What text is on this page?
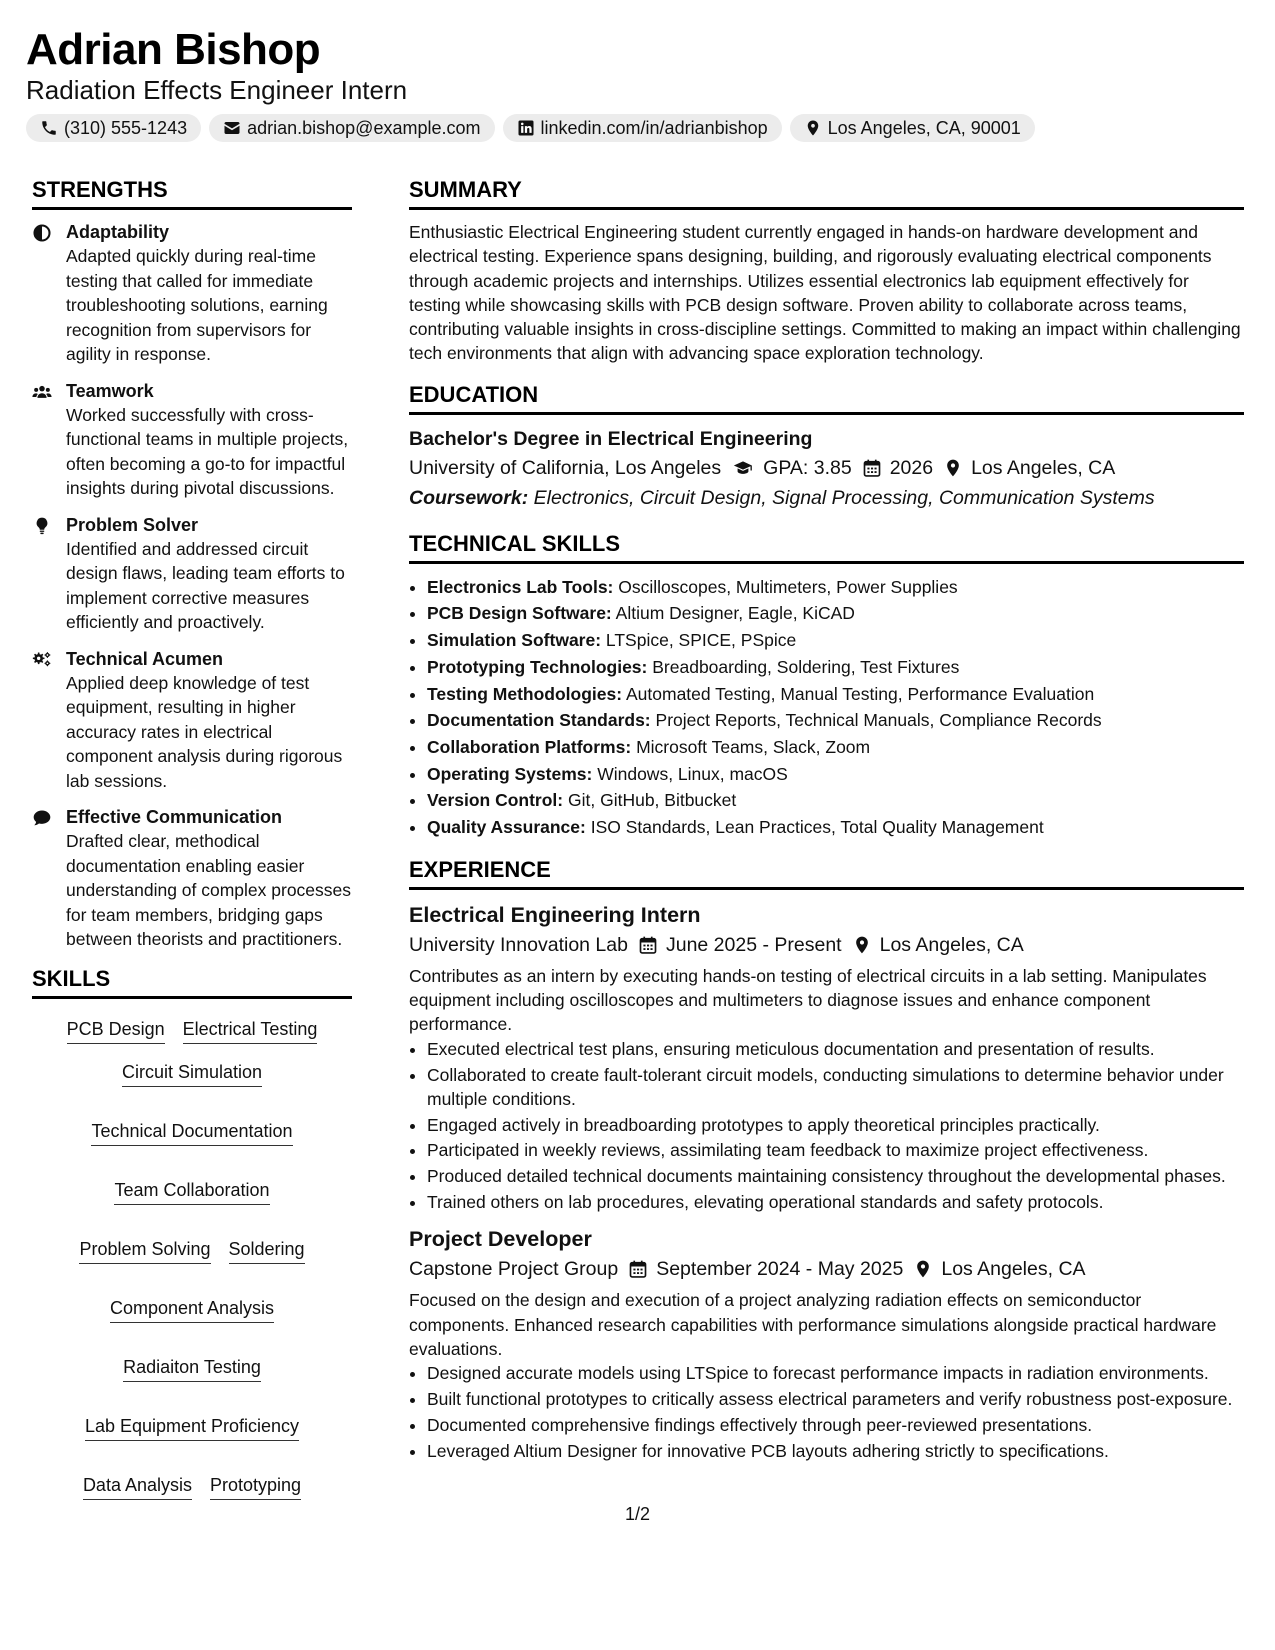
Adrian Bishop
Radiation Effects Engineer Intern
(310) 555-1243	adrian.bishop@example.com	linkedin.com/in/adrianbishop	Los Angeles, CA, 90001
STRENGTHS
Adaptability
Adapted quickly during real-time testing that called for immediate troubleshooting solutions, earning recognition from supervisors for agility in response.
Teamwork
Worked successfully with cross-functional teams in multiple projects, often becoming a go-to for impactful insights during pivotal discussions.
Problem Solver
Identified and addressed circuit design flaws, leading team efforts to implement corrective measures efficiently and proactively.
Technical Acumen
Applied deep knowledge of test equipment, resulting in higher accuracy rates in electrical component analysis during rigorous lab sessions.
Effective Communication
Drafted clear, methodical documentation enabling easier understanding of complex processes for team members, bridging gaps between theorists and practitioners.
SKILLS
PCB Design Electrical Testing
Circuit Simulation
Technical Documentation
Team Collaboration
Problem Solving Soldering
Component Analysis
Radiaiton Testing
Lab Equipment Proficiency
Data Analysis Prototyping
SUMMARY
Enthusiastic Electrical Engineering student currently engaged in hands-on hardware development and electrical testing. Experience spans designing, building, and rigorously evaluating electrical components through academic projects and internships. Utilizes essential electronics lab equipment effectively for testing while showcasing skills with PCB design software. Proven ability to collaborate across teams, contributing valuable insights in cross-discipline settings. Committed to making an impact within challenging tech environments that align with advancing space exploration technology.
EDUCATION
Bachelor's Degree in Electrical Engineering
University of California, Los Angeles GPA: 3.85 2026 Los Angeles, CA
Coursework: Electronics, Circuit Design, Signal Processing, Communication Systems
TECHNICAL SKILLS
• Electronics Lab Tools: Oscilloscopes, Multimeters, Power Supplies
• PCB Design Software: Altium Designer, Eagle, KiCAD
• Simulation Software: LTSpice, SPICE, PSpice
• Prototyping Technologies: Breadboarding, Soldering, Test Fixtures
• Testing Methodologies: Automated Testing, Manual Testing, Performance Evaluation
• Documentation Standards: Project Reports, Technical Manuals, Compliance Records
• Collaboration Platforms: Microsoft Teams, Slack, Zoom
• Operating Systems: Windows, Linux, macOS
• Version Control: Git, GitHub, Bitbucket
• Quality Assurance: ISO Standards, Lean Practices, Total Quality Management
EXPERIENCE
Electrical Engineering Intern
University Innovation Lab June 2025 - Present Los Angeles, CA
Contributes as an intern by executing hands-on testing of electrical circuits in a lab setting. Manipulates equipment including oscilloscopes and multimeters to diagnose issues and enhance component performance.
• Executed electrical test plans, ensuring meticulous documentation and presentation of results.
• Collaborated to create fault-tolerant circuit models, conducting simulations to determine behavior under multiple conditions.
• Engaged actively in breadboarding prototypes to apply theoretical principles practically.
• Participated in weekly reviews, assimilating team feedback to maximize project effectiveness.
• Produced detailed technical documents maintaining consistency throughout the developmental phases.
• Trained others on lab procedures, elevating operational standards and safety protocols.
Project Developer
Capstone Project Group September 2024 - May 2025 Los Angeles, CA
Focused on the design and execution of a project analyzing radiation effects on semiconductor components. Enhanced research capabilities with performance simulations alongside practical hardware evaluations.
• Designed accurate models using LTSpice to forecast performance impacts in radiation environments.
• Built functional prototypes to critically assess electrical parameters and verify robustness post-exposure.
• Documented comprehensive findings effectively through peer-reviewed presentations.
• Leveraged Altium Designer for innovative PCB layouts adhering strictly to specifications.
1/2
